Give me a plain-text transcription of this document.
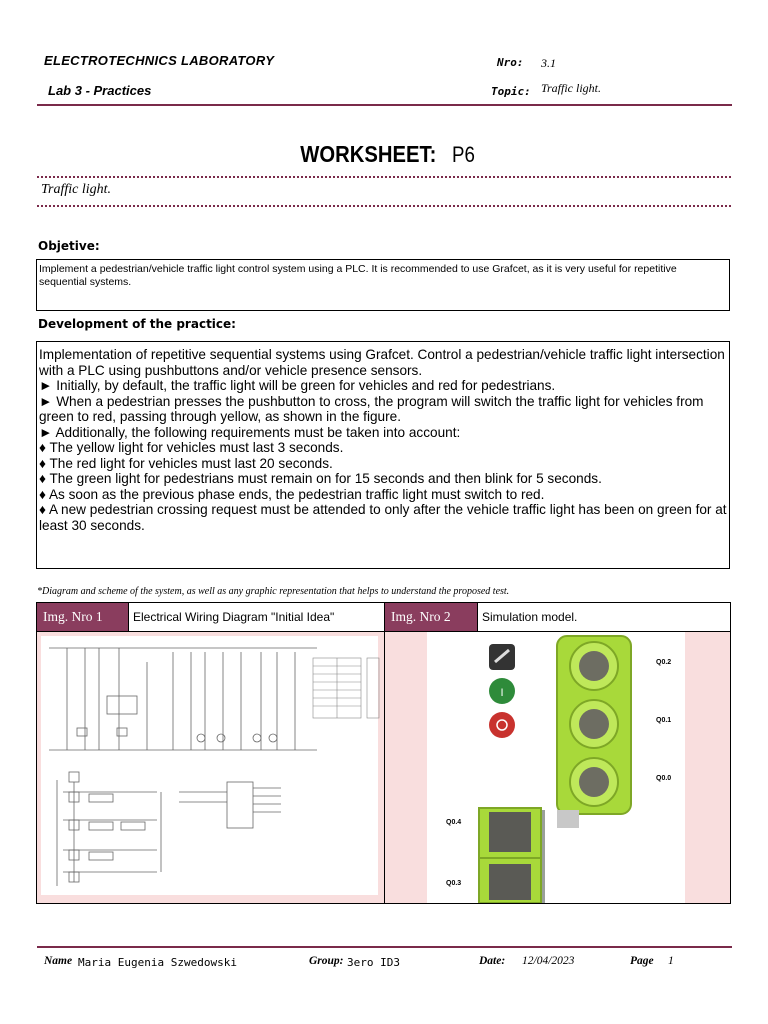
ELECTROTECHNICS LABORATORY
Lab 3 - Practices
Nro: 3.1
Topic: Traffic light.
WORKSHEET: P6
Traffic light.
Objetive:
Implement a pedestrian/vehicle traffic light control system using a PLC. It is recommended to use Grafcet, as it is very useful for repetitive sequential systems.
Development of the practice:
Implementation of repetitive sequential systems using Grafcet. Control a pedestrian/vehicle traffic light intersection with a PLC using pushbuttons and/or vehicle presence sensors.
► Initially, by default, the traffic light will be green for vehicles and red for pedestrians.
► When a pedestrian presses the pushbutton to cross, the program will switch the traffic light for vehicles from green to red, passing through yellow, as shown in the figure.
► Additionally, the following requirements must be taken into account:
♦ The yellow light for vehicles must last 3 seconds.
♦ The red light for vehicles must last 20 seconds.
♦ The green light for pedestrians must remain on for 15 seconds and then blink for 5 seconds.
♦ As soon as the previous phase ends, the pedestrian traffic light must switch to red.
♦ A new pedestrian crossing request must be attended to only after the vehicle traffic light has been on green for at least 30 seconds.
*Diagram and scheme of the system, as well as any graphic representation that helps to understand the proposed test.
Img. Nro 1	Electrical Wiring Diagram "Initial Idea"	Img. Nro 2	Simulation model.
I
Q0.2
Q0.1
Q0.0
Q0.4
Q0.3
Name Maria Eugenia Szwedowski	Group: 3ero ID3	Date: 12/04/2023	Page 1
